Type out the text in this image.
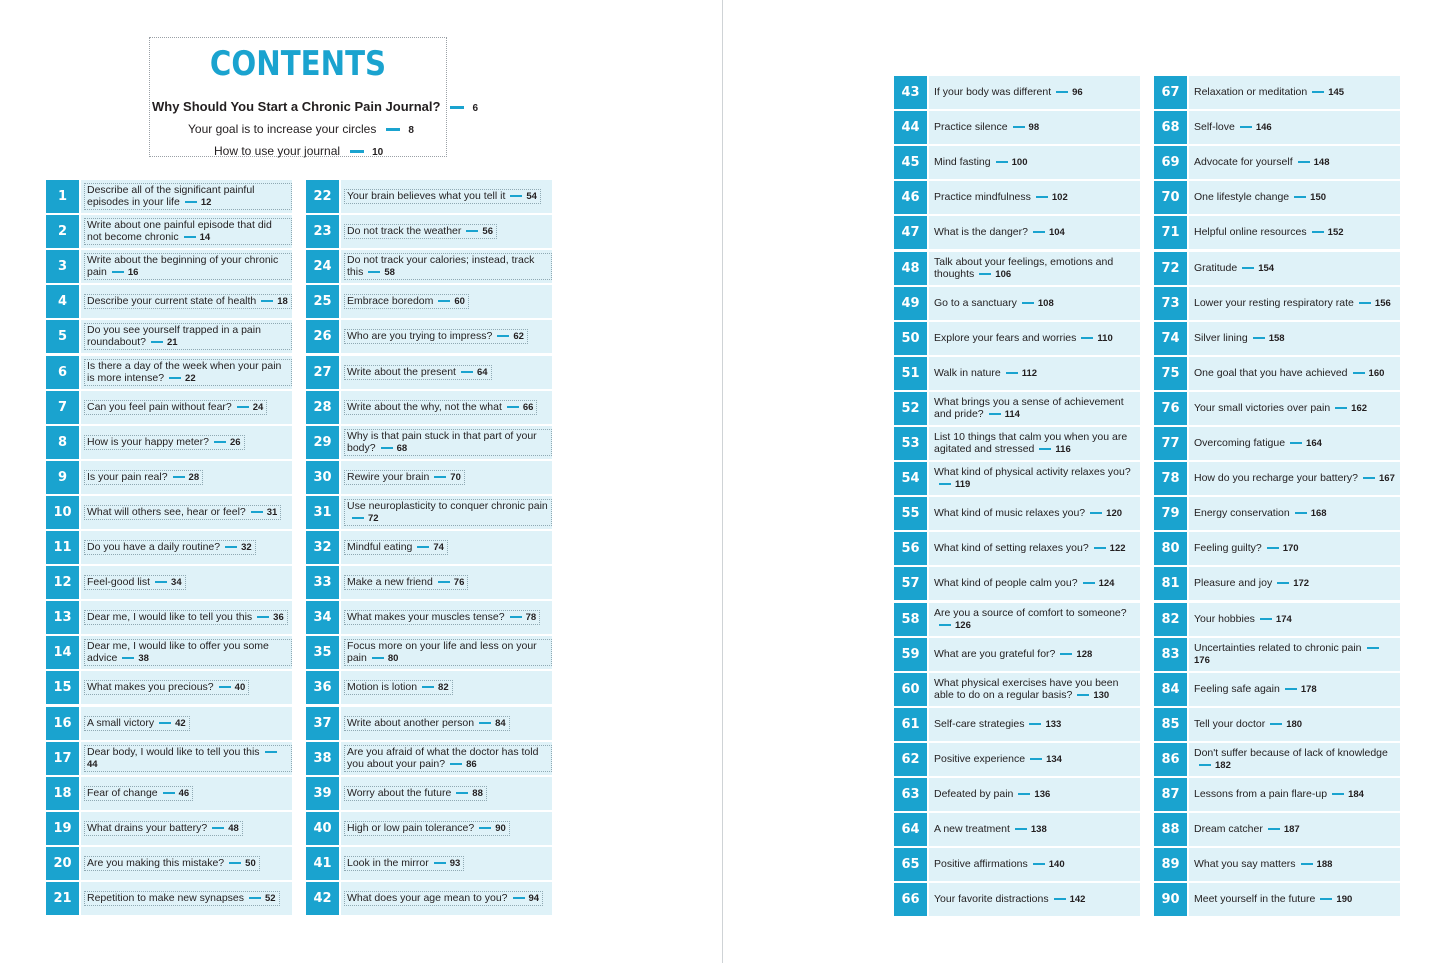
CONTENTS
Why Should You Start a Chronic Pain Journal?	6
Your goal is to increase your circles	8
How to use your journal	10
1	Describe all of the significant painful episodes in your life 12
2	Write about one painful episode that did not become chronic 14
3	Write about the beginning of your chronic pain 16
4	Describe your current state of health 18
5	Do you see yourself trapped in a pain roundabout? 21
6	Is there a day of the week when your pain is more intense? 22
7	Can you feel pain without fear? 24
8	How is your happy meter? 26
9	Is your pain real? 28
10	What will others see, hear or feel? 31
11	Do you have a daily routine? 32
12	Feel-good list 34
13	Dear me, I would like to tell you this 36
14	Dear me, I would like to offer you some advice 38
15	What makes you precious? 40
16	A small victory 42
17	Dear body, I would like to tell you this44
18	Fear of change 46
19	What drains your battery? 48
20	Are you making this mistake? 50
21	Repetition to make new synapses 52
22	Your brain believes what you tell it 54
23	Do not track the weather 56
24	Do not track your calories; instead, track this 58
25	Embrace boredom 60
26	Who are you trying to impress? 62
27	Write about the present 64
28	Write about the why, not the what 66
29	Why is that pain stuck in that part of your body? 68
30	Rewire your brain 70
31	Use neuroplasticity to conquer chronic pain72
32	Mindful eating 74
33	Make a new friend 76
34	What makes your muscles tense? 78
35	Focus more on your life and less on your pain 80
36	Motion is lotion 82
37	Write about another person 84
38	Are you afraid of what the doctor has told you about your pain? 86
39	Worry about the future 88
40	High or low pain tolerance? 90
41	Look in the mirror 93
42	What does your age mean to you? 94
43	If your body was different 96
44	Practice silence 98
45	Mind fasting 100
46	Practice mindfulness 102
47	What is the danger? 104
48	Talk about your feelings, emotions and thoughts 106
49	Go to a sanctuary 108
50	Explore your fears and worries 110
51	Walk in nature 112
52	What brings you a sense of achievement and pride? 114
53	List 10 things that calm you when you are agitated and stressed 116
54	What kind of physical activity relaxes you?119
55	What kind of music relaxes you? 120
56	What kind of setting relaxes you? 122
57	What kind of people calm you? 124
58	Are you a source of comfort to someone?126
59	What are you grateful for? 128
60	What physical exercises have you been able to do on a regular basis? 130
61	Self-care strategies 133
62	Positive experience 134
63	Defeated by pain 136
64	A new treatment 138
65	Positive affirmations 140
66	Your favorite distractions 142
67	Relaxation or meditation 145
68	Self-love 146
69	Advocate for yourself 148
70	One lifestyle change 150
71	Helpful online resources 152
72	Gratitude 154
73	Lower your resting respiratory rate 156
74	Silver lining 158
75	One goal that you have achieved 160
76	Your small victories over pain 162
77	Overcoming fatigue 164
78	How do you recharge your battery? 167
79	Energy conservation 168
80	Feeling guilty? 170
81	Pleasure and joy 172
82	Your hobbies 174
83	Uncertainties related to chronic pain176
84	Feeling safe again 178
85	Tell your doctor 180
86	Don't suffer because of lack of knowledge182
87	Lessons from a pain flare-up 184
88	Dream catcher 187
89	What you say matters 188
90	Meet yourself in the future 190
